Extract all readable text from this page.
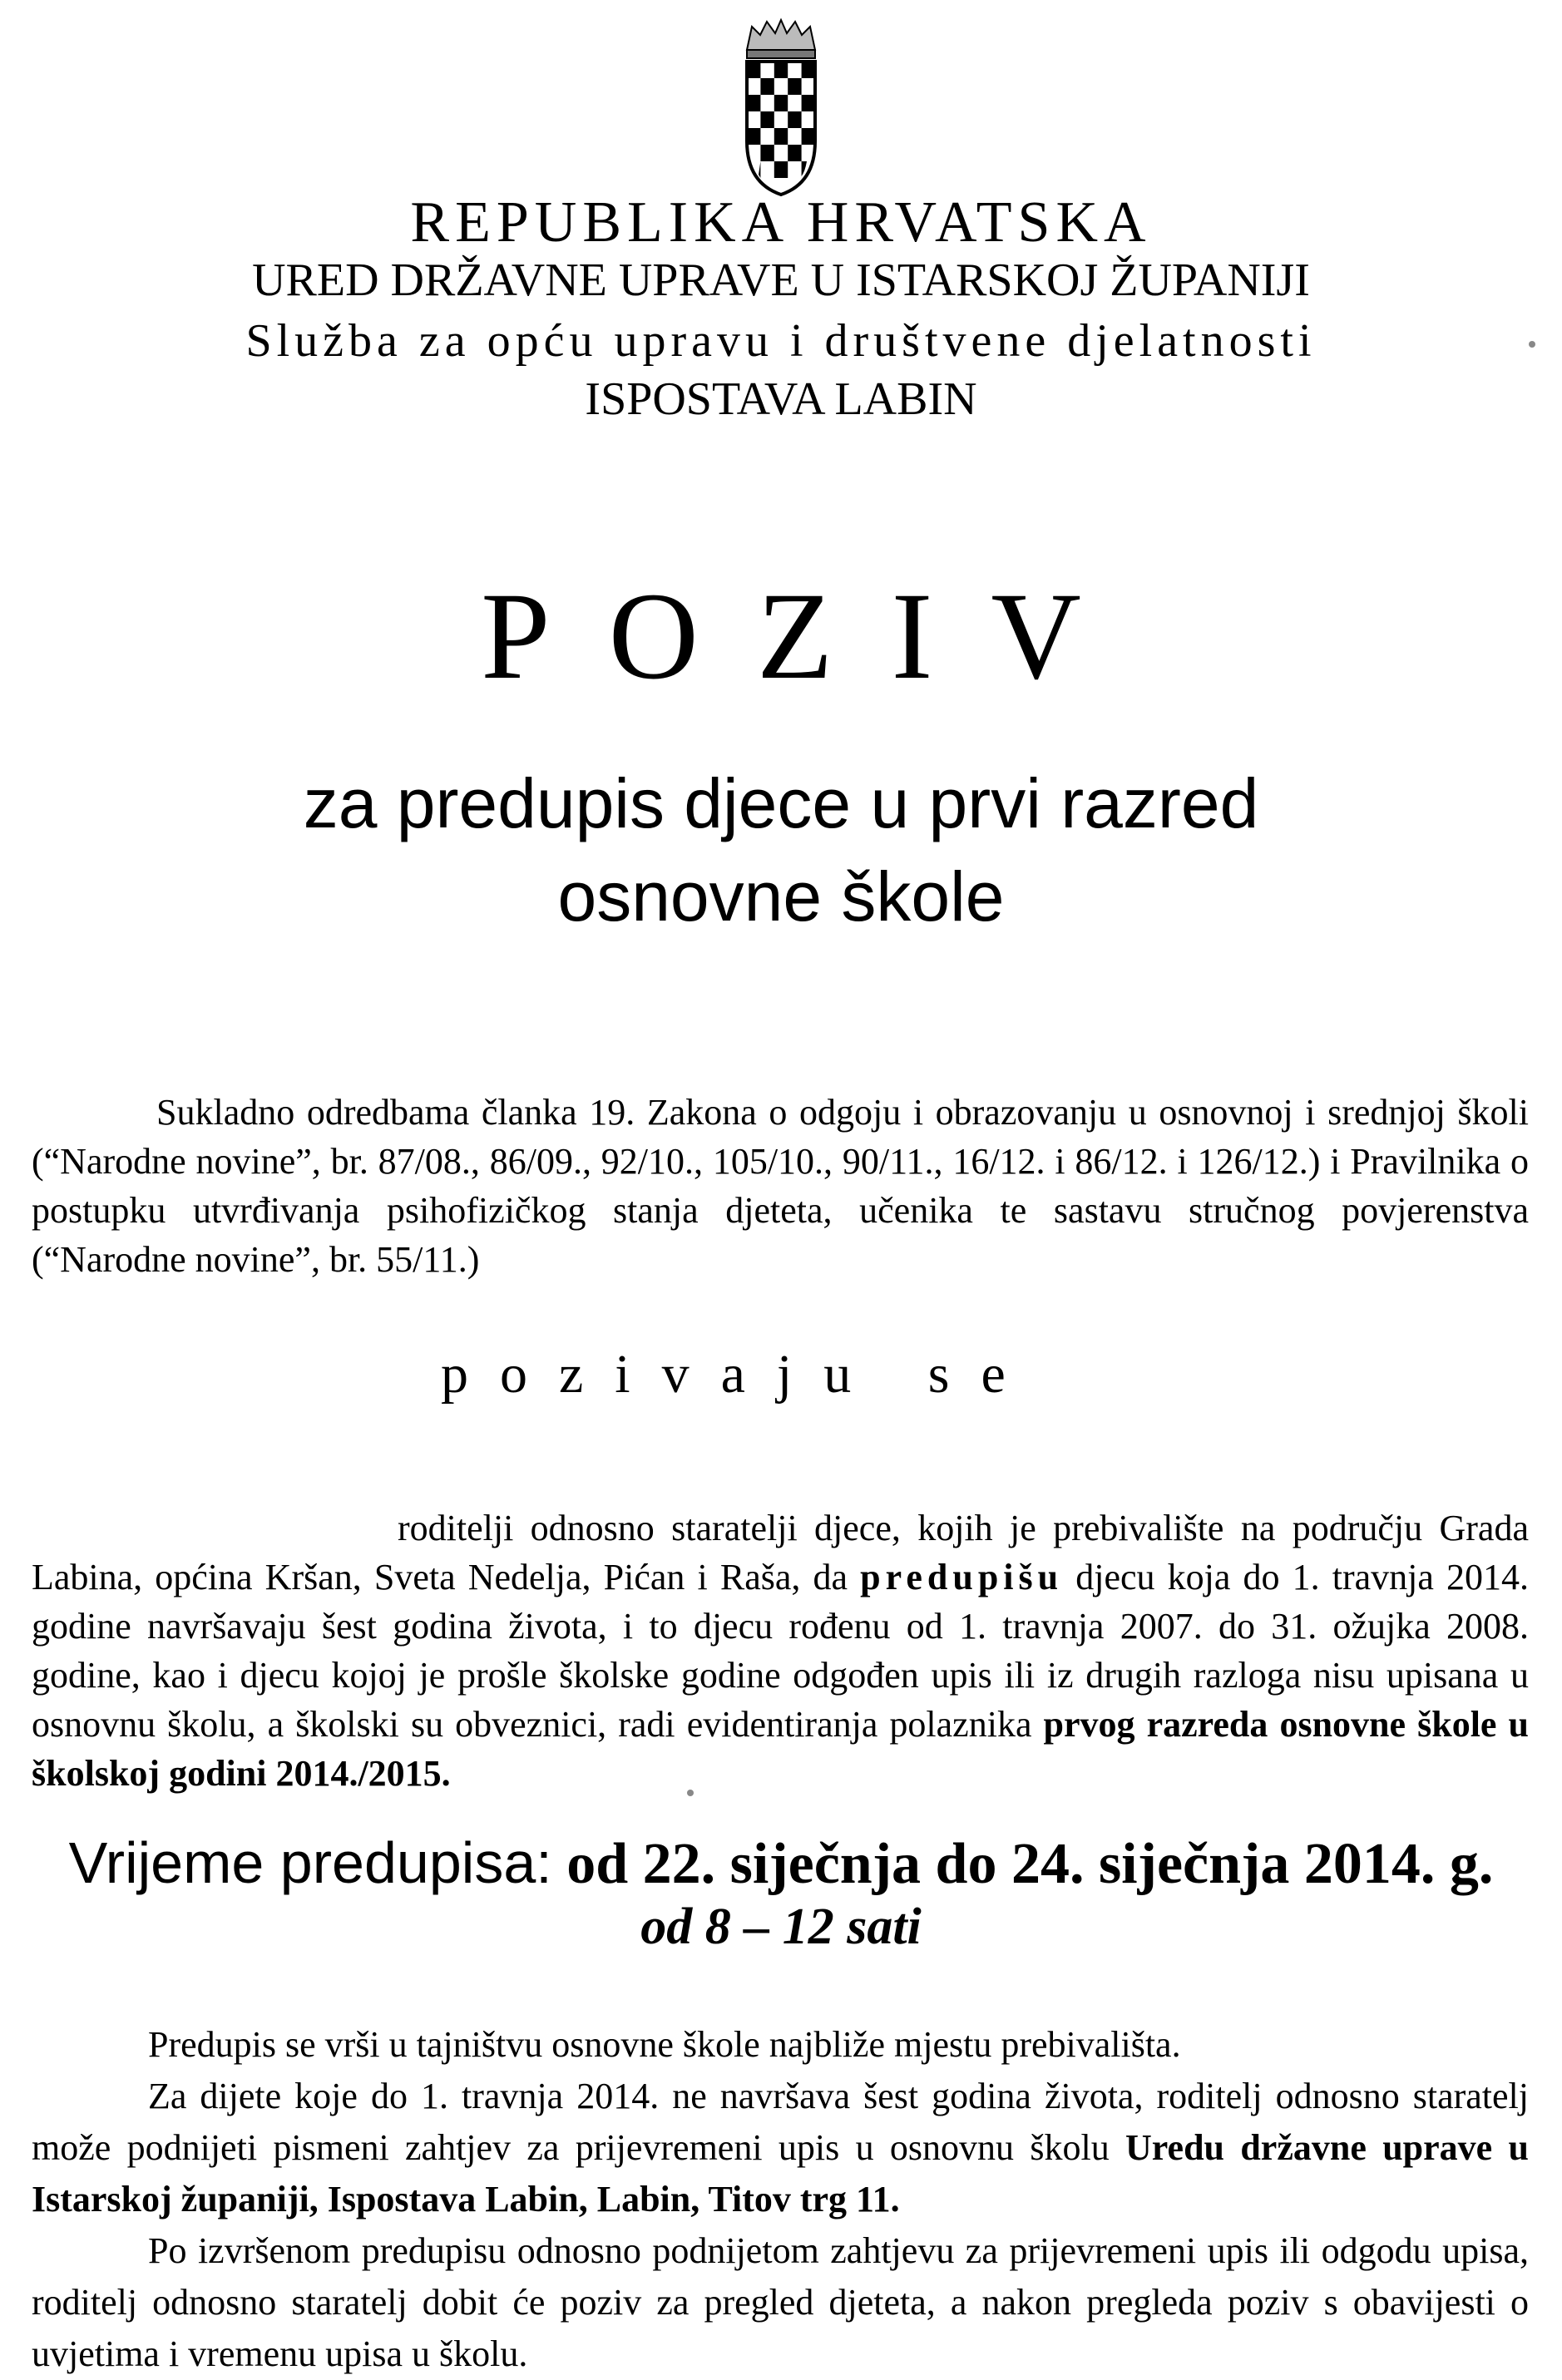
REPUBLIKA HRVATSKA
URED DRŽAVNE UPRAVE U ISTARSKOJ ŽUPANIJI
Služba za opću upravu i društvene djelatnosti
ISPOSTAVA LABIN
POZIV
za predupis djece u prvi razred
osnovne škole

Sukladno odredbama članka 19. Zakona o odgoju i obrazovanju u osnovnoj i srednjoj školi (“Narodne novine”, br. 87/08., 86/09., 92/10., 105/10., 90/11., 16/12. i 86/12. i 126/12.) i Pravilnika o postupku utvrđivanja psihofizičkog stanja djeteta, učenika te sastavu stručnog povjerenstva (“Narodne novine”, br. 55/11.)

pozivaju se

roditelji odnosno staratelji djece, kojih je prebivalište na području Grada Labina, općina Kršan, Sveta Nedelja, Pićan i Raša, da predupišu djecu koja do 1. travnja 2014. godine navršavaju šest godina života, i to djecu rođenu od 1. travnja 2007. do 31. ožujka 2008. godine, kao i djecu kojoj je prošle školske godine odgođen upis ili iz drugih razloga nisu upisana u osnovnu školu, a školski su obveznici, radi evidentiranja polaznika prvog razreda osnovne škole u školskoj godini 2014./2015.

Vrijeme predupisa: od 22. siječnja do 24. siječnja 2014. g.
od 8 – 12 sati
Predupis se vrši u tajništvu osnovne škole najbliže mjestu prebivališta.
Za dijete koje do 1. travnja 2014. ne navršava šest godina života, roditelj odnosno staratelj može podnijeti pismeni zahtjev za prijevremeni upis u osnovnu školu Uredu državne uprave u Istarskoj županiji, Ispostava Labin, Labin, Titov trg 11.
Po izvršenom predupisu odnosno podnijetom zahtjevu za prijevremeni upis ili odgodu upisa, roditelj odnosno staratelj dobit će poziv za pregled djeteta, a nakon pregleda poziv s obavijesti o uvjetima i vremenu upisa u školu.
